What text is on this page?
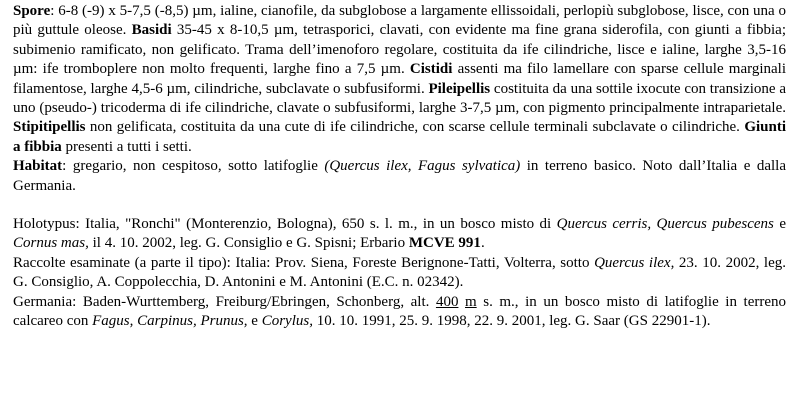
Spore: 6-8 (-9) x 5-7,5 (-8,5) µm, ialine, cianofile, da subglobose a largamente ellissoidali, perlopiù subglobose, lisce, con una o più guttule oleose. Basidi 35-45 x 8-10,5 µm, tetrasporici, clavati, con evidente ma fine grana siderofila, con giunti a fibbia; subimenio ramificato, non gelificato. Trama dell’imenoforo regolare, costituita da ife cilindriche, lisce e ialine, larghe 3,5-16 µm: ife tromboplere non molto frequenti, larghe fino a 7,5 µm. Cistidi assenti ma filo lamellare con sparse cellule marginali filamentose, larghe 4,5-6 µm, cilindriche, subclavate o subfusiformi. Pileipellis costituita da una sottile ixocute con transizione a uno (pseudo-) tricoderma di ife cilindriche, clavate o subfusiformi, larghe 3-7,5 µm, con pigmento principalmente intraparietale. Stipitipellis non gelificata, costituita da una cute di ife cilindriche, con scarse cellule terminali subclavate o cilindriche. Giunti a fibbia presenti a tutti i setti.

Habitat: gregario, non cespitoso, sotto latifoglie (Quercus ilex, Fagus sylvatica) in terreno basico. Noto dall’Italia e dalla Germania.

Holotypus: Italia, "Ronchi" (Monterenzio, Bologna), 650 s. l. m., in un bosco misto di Quercus cerris, Quercus pubescens e Cornus mas, il 4. 10. 2002, leg. G. Consiglio e G. Spisni; Erbario MCVE 991.

Raccolte esaminate (a parte il tipo): Italia: Prov. Siena, Foreste Berignone-Tatti, Volterra, sotto Quercus ilex, 23. 10. 2002, leg. G. Consiglio, A. Coppolecchia, D. Antonini e M. Antonini (E.C. n. 02342).

Germania: Baden-Wurttemberg, Freiburg/Ebringen, Schonberg, alt. 400 m s. m., in un bosco misto di latifoglie in terreno calcareo con Fagus, Carpinus, Prunus, e Corylus, 10. 10. 1991, 25. 9. 1998, 22. 9. 2001, leg. G. Saar (GS 22901-1).
